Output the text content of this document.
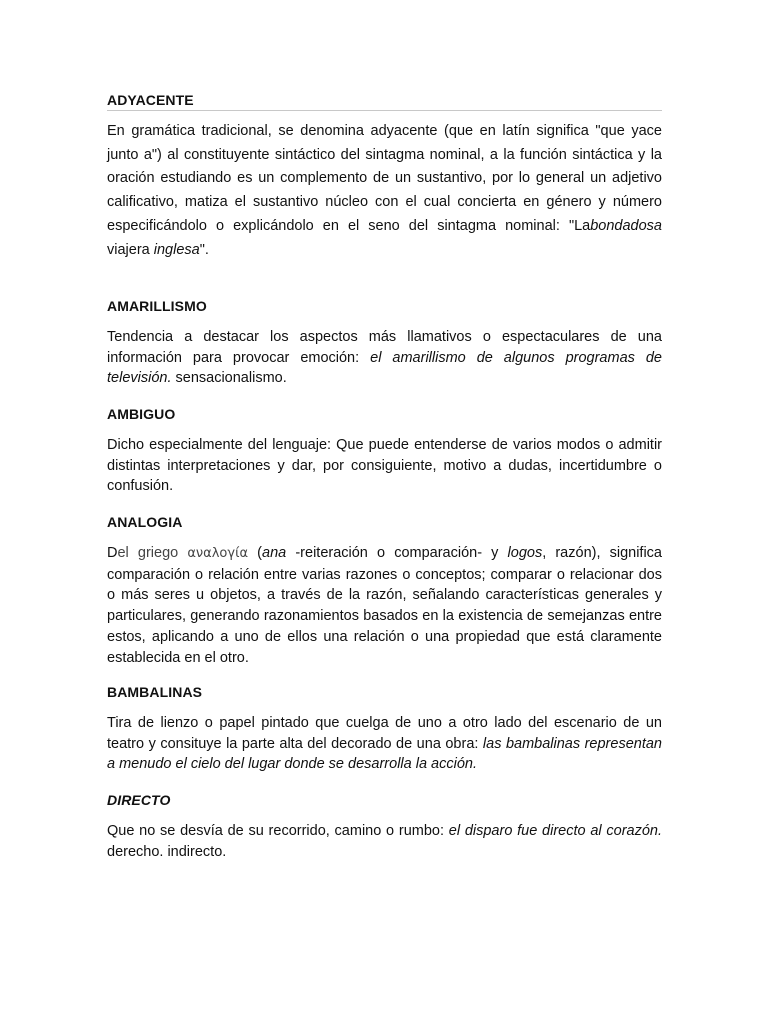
ADYACENTE

En gramática tradicional, se denomina adyacente (que en latín significa "que yace junto a") al constituyente sintáctico del sintagma nominal, a la función sintáctica y la oración estudiando es un complemento de un sustantivo, por lo general un adjetivo calificativo, matiza el sustantivo núcleo con el cual concierta en género y número especificándolo o explicándolo en el seno del sintagma nominal: "Labondadosa viajera inglesa".

AMARILLISMO

Tendencia a destacar los aspectos más llamativos o espectaculares de una información para provocar emoción: el amarillismo de algunos programas de televisión. sensacionalismo.

AMBIGUO

Dicho especialmente del lenguaje: Que puede entenderse de varios modos o admitir distintas interpretaciones y dar, por consiguiente, motivo a dudas, incertidumbre o confusión.

ANALOGIA

Del griego αναλογία (ana -reiteración o comparación- y logos, razón), significa comparación o relación entre varias razones o conceptos; comparar o relacionar dos o más seres u objetos, a través de la razón, señalando características generales y particulares, generando razonamientos basados en la existencia de semejanzas entre estos, aplicando a uno de ellos una relación o una propiedad que está claramente establecida en el otro.

BAMBALINAS

Tira de lienzo o papel pintado que cuelga de uno a otro lado del escenario de un teatro y consituye la parte alta del decorado de una obra: las bambalinas representan a menudo el cielo del lugar donde se desarrolla la acción.

DIRECTO

Que no se desvía de su recorrido, camino o rumbo: el disparo fue directo al corazón. derecho. indirecto.
